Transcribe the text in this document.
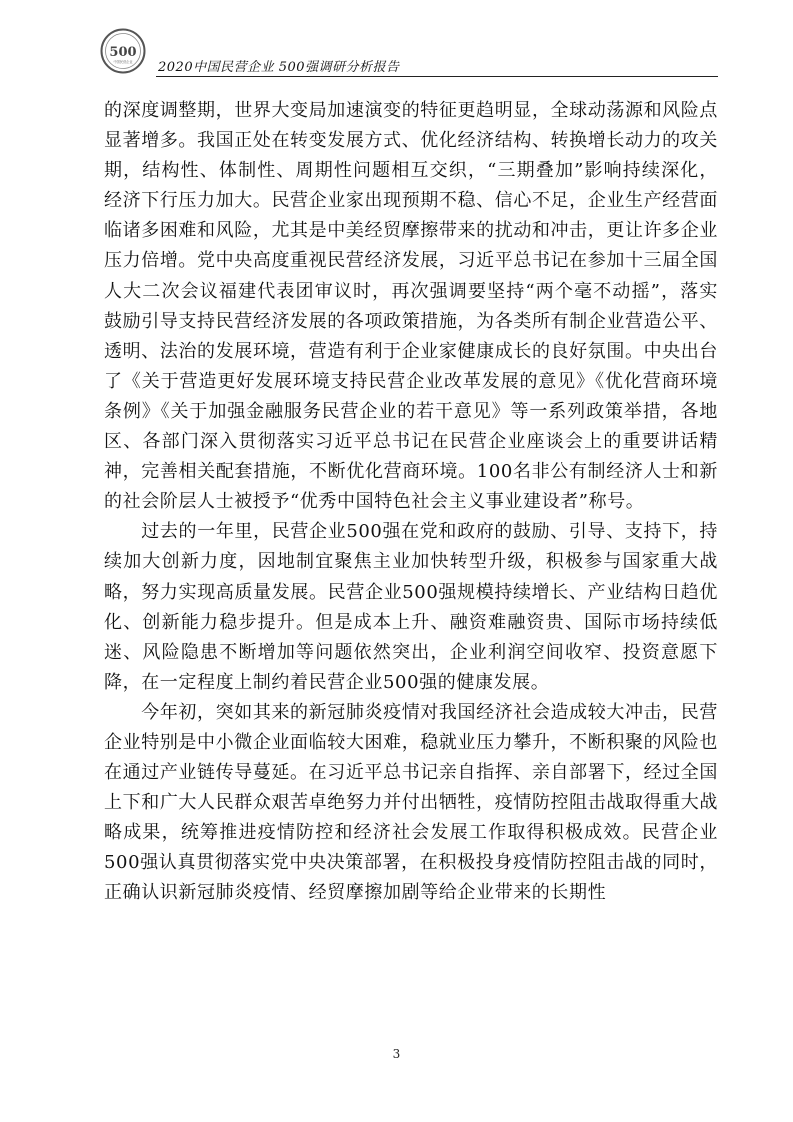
500
中国民营企业 2020中国民营企业 500强调研分析报告

的深度调整期，世界大变局加速演变的特征更趋明显，全球动荡源和风险点显著增多。我国正处在转变发展方式、优化经济结构、转换增长动力的攻关期，结构性、体制性、周期性问题相互交织，“三期叠加”影响持续深化，经济下行压力加大。民营企业家出现预期不稳、信心不足，企业生产经营面临诸多困难和风险，尤其是中美经贸摩擦带来的扰动和冲击，更让许多企业压力倍增。党中央高度重视民营经济发展，习近平总书记在参加十三届全国人大二次会议福建代表团审议时，再次强调要坚持“两个毫不动摇”，落实鼓励引导支持民营经济发展的各项政策措施，为各类所有制企业营造公平、透明、法治的发展环境，营造有利于企业家健康成长的良好氛围。中央出台了《关于营造更好发展环境支持民营企业改革发展的意见》《优化营商环境条例》《关于加强金融服务民营企业的若干意见》等一系列政策举措，各地区、各部门深入贯彻落实习近平总书记在民营企业座谈会上的重要讲话精神，完善相关配套措施，不断优化营商环境。100名非公有制经济人士和新的社会阶层人士被授予“优秀中国特色社会主义事业建设者”称号。

　　过去的一年里，民营企业500强在党和政府的鼓励、引导、支持下，持续加大创新力度，因地制宜聚焦主业加快转型升级，积极参与国家重大战略，努力实现高质量发展。民营企业500强规模持续增长、产业结构日趋优化、创新能力稳步提升。但是成本上升、融资难融资贵、国际市场持续低迷、风险隐患不断增加等问题依然突出，企业利润空间收窄、投资意愿下降，在一定程度上制约着民营企业500强的健康发展。

　　今年初，突如其来的新冠肺炎疫情对我国经济社会造成较大冲击，民营企业特别是中小微企业面临较大困难，稳就业压力攀升，不断积聚的风险也在通过产业链传导蔓延。在习近平总书记亲自指挥、亲自部署下，经过全国上下和广大人民群众艰苦卓绝努力并付出牺牲，疫情防控阻击战取得重大战略成果，统筹推进疫情防控和经济社会发展工作取得积极成效。民营企业500强认真贯彻落实党中央决策部署，在积极投身疫情防控阻击战的同时，正确认识新冠肺炎疫情、经贸摩擦加剧等给企业带来的长期性

3
